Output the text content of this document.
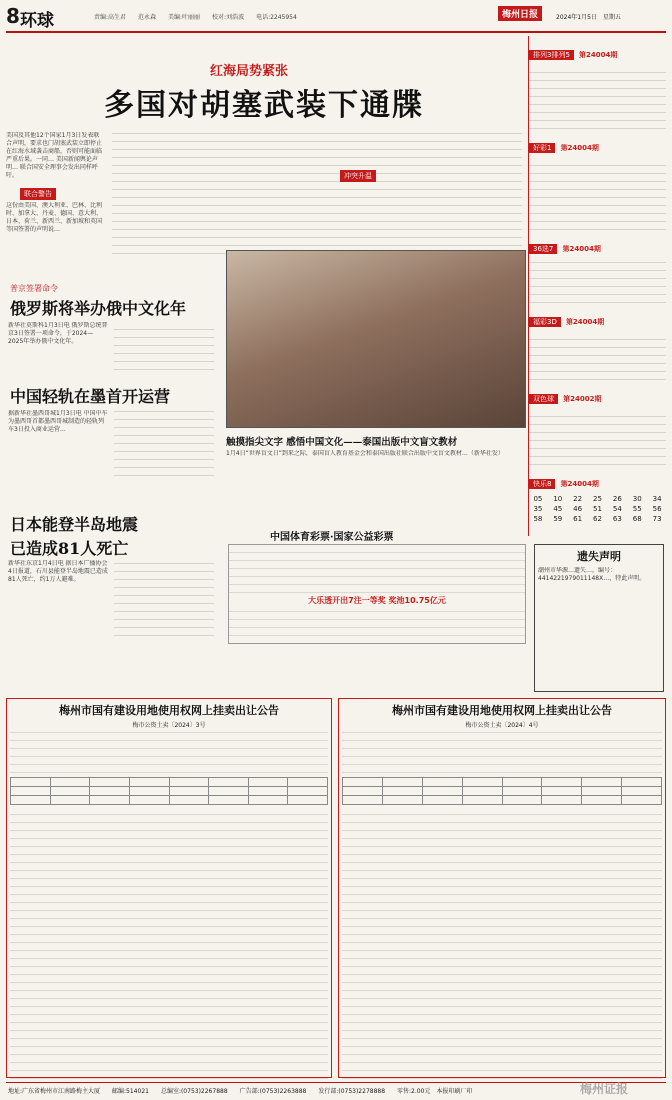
8 环球	责编:高生君　　范永森　　美编:叶丽丽　　校对:刘浩波　　电话:2245954	梅州日报	2024年1月5日　星期五
红海局势紧张
多国对胡塞武装下通牒
美国及其他12个国家1月3日发表联合声明，要求也门胡塞武装立即停止在红海水域袭击商船，否则可能面临严重后果。一同… 美国新闻舆论声明… 联合国安全理事会发出同样呼吁。
联合警告
这份由美国、澳大利亚、巴林、比利时、加拿大、丹麦、德国、意大利、日本、荷兰、新西兰、新加坡和英国等国签署的声明说…
冲突升温
普京签署命令
俄罗斯将举办俄中文化年
新华社莫斯科1月3日电 俄罗斯总统普京3日签署一项命令，于2024—2025年举办俄中文化年。
中国轻轨在墨首开运营
据新华社墨西哥城1月3日电 中国中车为墨西哥首都墨西哥城制造的轻轨列车3日投入商业运营…
日本能登半岛地震
已造成81人死亡
新华社东京1月4日电 据日本广播协会4日报道，石川县能登半岛地震已造成81人死亡，约1万人避难。
触摸指尖文字 感悟中国文化——泰国出版中文盲文教材
1月4日“世界盲文日”到来之际，泰国盲人教育基金会和泰国出版社联合出版中文盲文教材…（新华社发）
排列3排列5 第24004期
好彩1 第24004期
36选7 第24004期
福彩3D 第24004期
双色球 第24002期
快乐8 第24004期
05	10	22	25	26	30	34
35	45	46	51	54	55	56
58	59	61	62	63	68	73
中国体育彩票·国家公益彩票
大乐透开出7注一等奖 奖池10.75亿元
遗失声明
潮州市华源…遗失…，编号：4414221979011148X…，特此声明。
梅州市国有建设用地使用权网上挂卖出让公告
梅市公资土卖〔2024〕3号

梅州市国有建设用地使用权网上挂卖出让公告
梅市公资土卖〔2024〕4号

地址:广东省梅州市江南路梅主大厦　　邮编:514021　　总编室:(0753)2267888　　广告部:(0753)2263888　　发行部:(0753)2278888　　零售:2.00元　本报印刷厂印	梅州证报
